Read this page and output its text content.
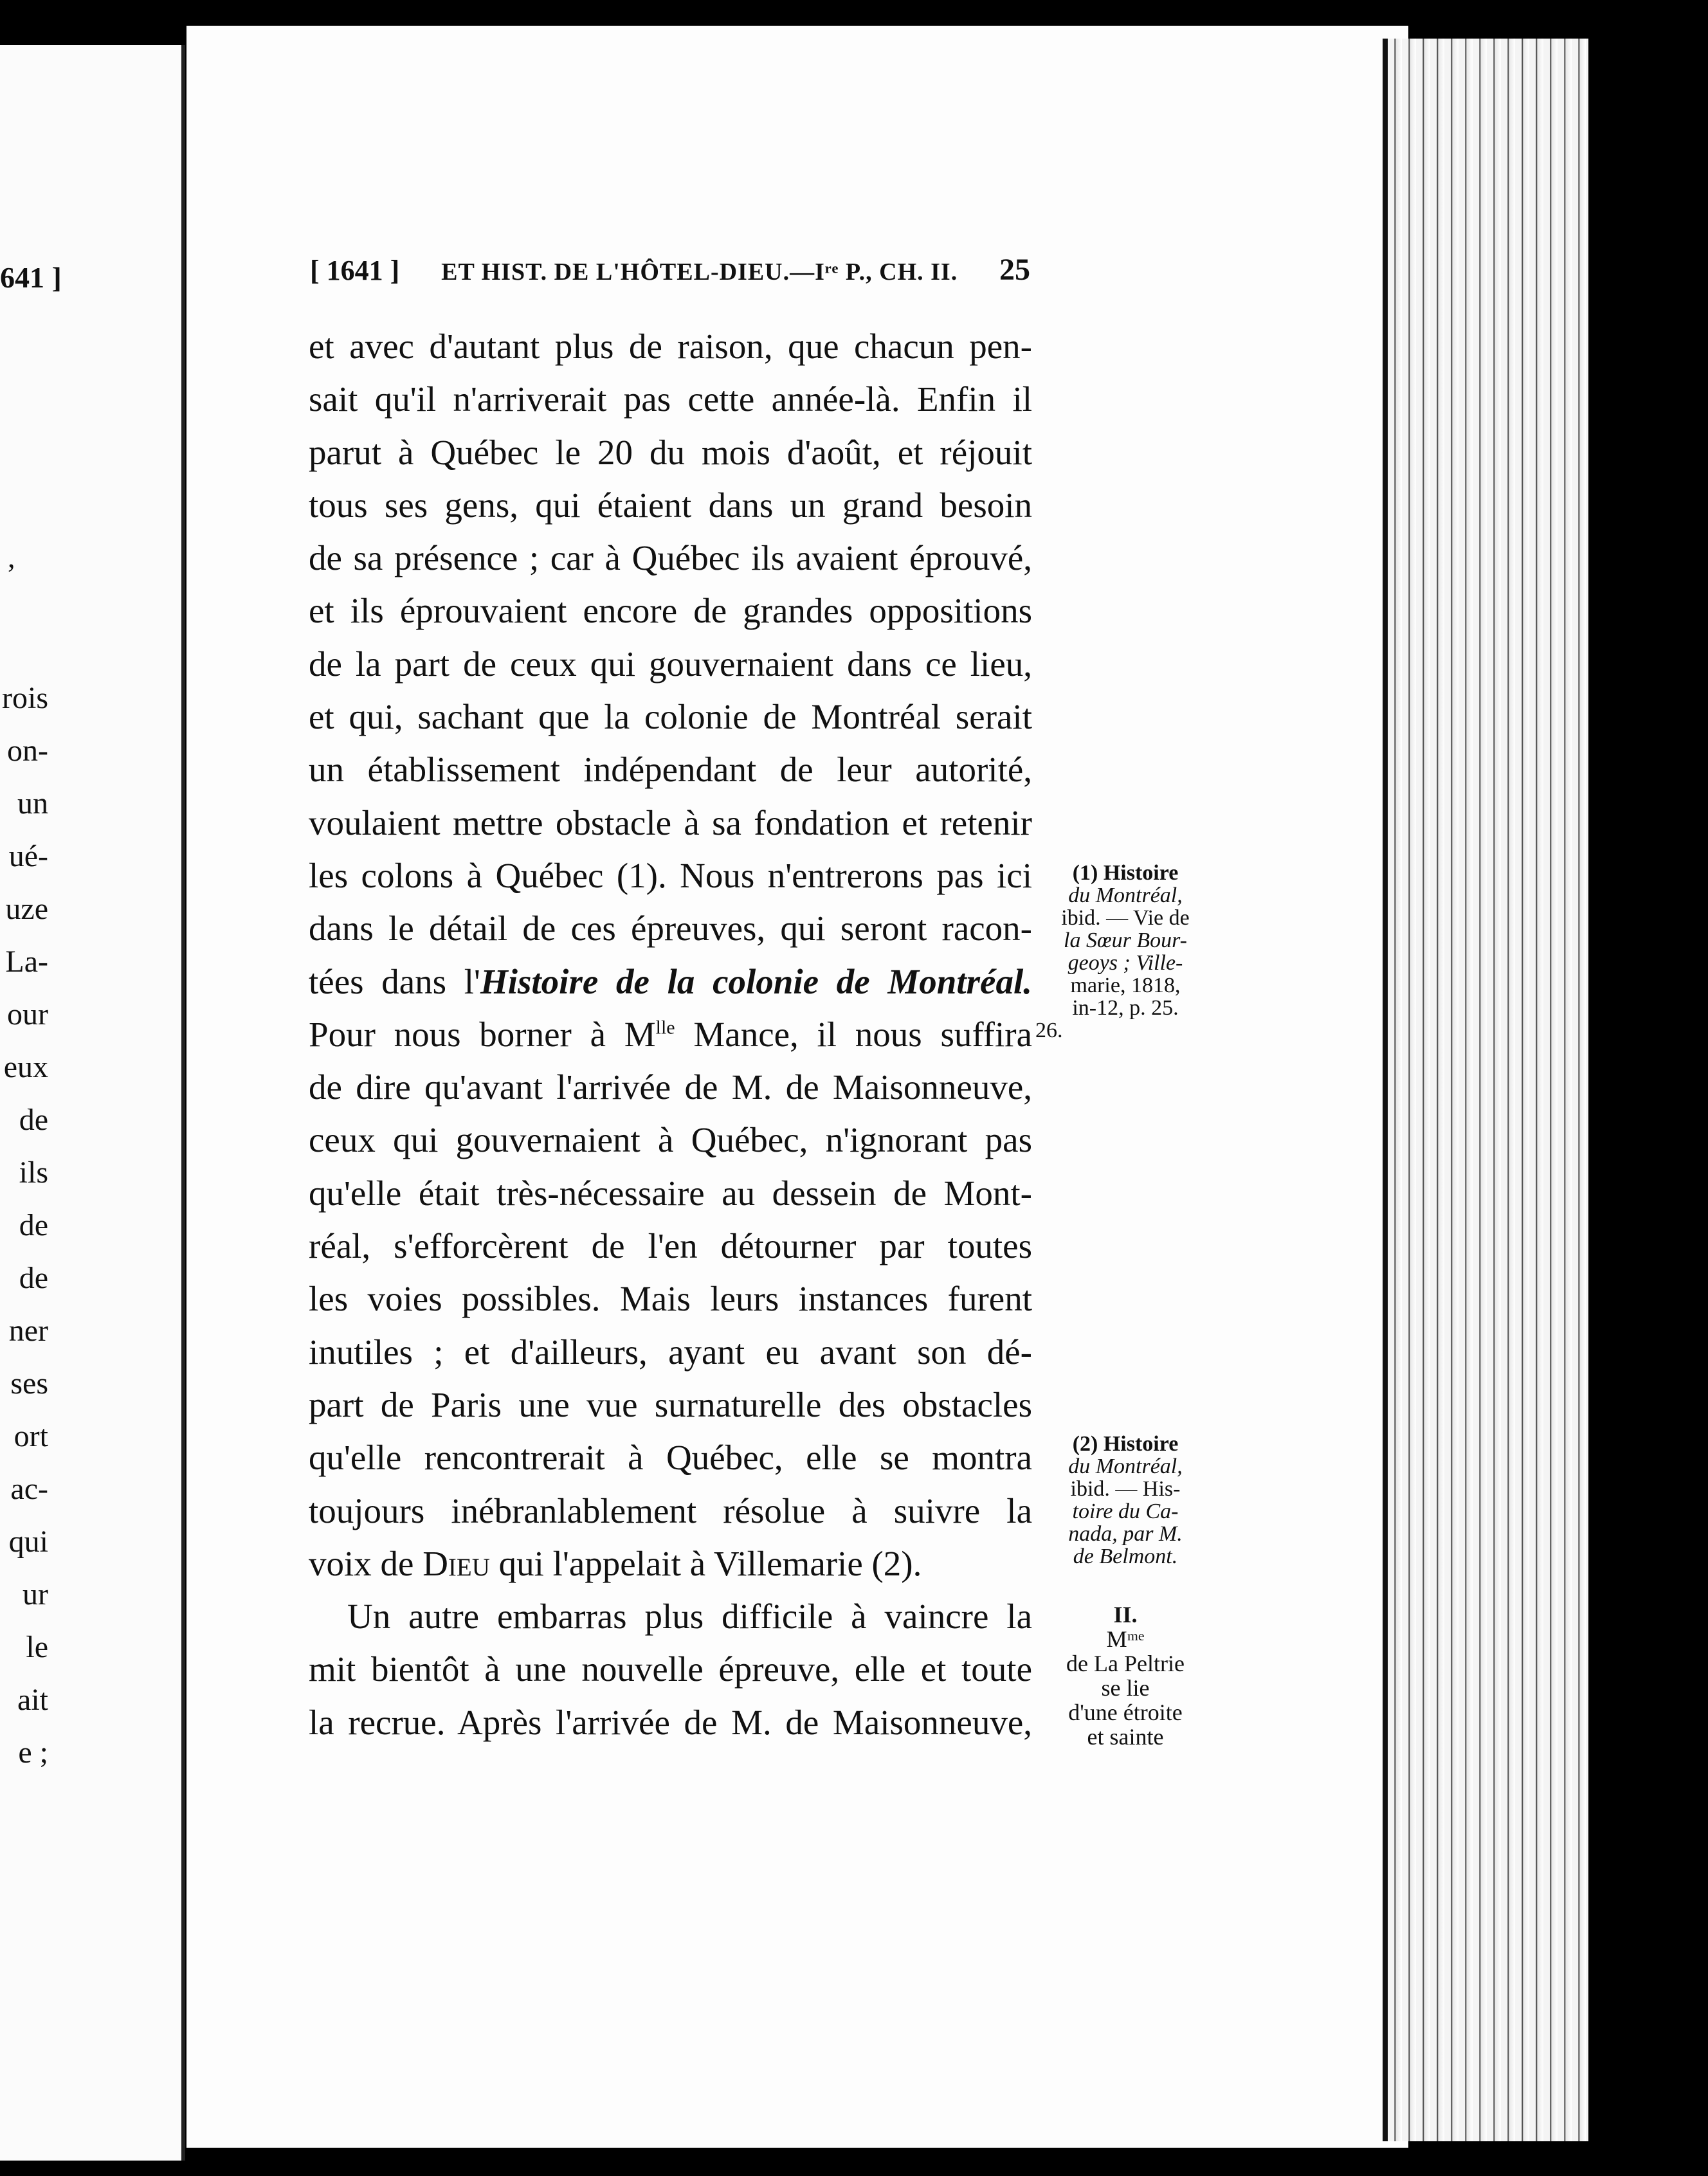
641 ]
,
rois
on-
un
ué-
uze
La-
our
eux
de
ils
de
de
ner
ses
ort
ac-
qui
ur
le
ait
e ;
[ 1641 ] ET HIST. DE L'HÔTEL-DIEU.—Iʳᵉ P., CH. II. 25
et avec d'autant plus de raison, que chacun pen-
sait qu'il n'arriverait pas cette année-là. Enfin il
parut à Québec le 20 du mois d'août, et réjouit
tous ses gens, qui étaient dans un grand besoin
de sa présence ; car à Québec ils avaient éprouvé,
et ils éprouvaient encore de grandes oppositions
de la part de ceux qui gouvernaient dans ce lieu,
et qui, sachant que la colonie de Montréal serait
un établissement indépendant de leur autorité,
voulaient mettre obstacle à sa fondation et retenir
les colons à Québec (1). Nous n'entrerons pas ici
dans le détail de ces épreuves, qui seront racon-
tées dans l'Histoire de la colonie de Montréal.
Pour nous borner à $M^{lle}$ Mance, il nous suffira
de dire qu'avant l'arrivée de M. de Maisonneuve,
ceux qui gouvernaient à Québec, n'ignorant pas
qu'elle était très-nécessaire au dessein de Mont-
réal, s'efforcèrent de l'en détourner par toutes
les voies possibles. Mais leurs instances furent
inutiles ; et d'ailleurs, ayant eu avant son dé-
part de Paris une vue surnaturelle des obstacles
qu'elle rencontrerait à Québec, elle se montra
toujours inébranlablement résolue à suivre la
voix de Dieu qui l'appelait à Villemarie (2).
Un autre embarras plus difficile à vaincre la
mit bientôt à une nouvelle épreuve, elle et toute
la recrue. Après l'arrivée de M. de Maisonneuve,
(1) Histoire
du Montréal,
ibid. — Vie de
la Sœur Bour-
geoys ; Ville-
marie, 1818,
in-12, p. 25.
26.
(2) Histoire
du Montréal,
ibid. — His-
toire du Ca-
nada, par M.
de Belmont.
II.
Mᵐᵉ
de La Peltrie
se lie
d'une étroite
et sainte
